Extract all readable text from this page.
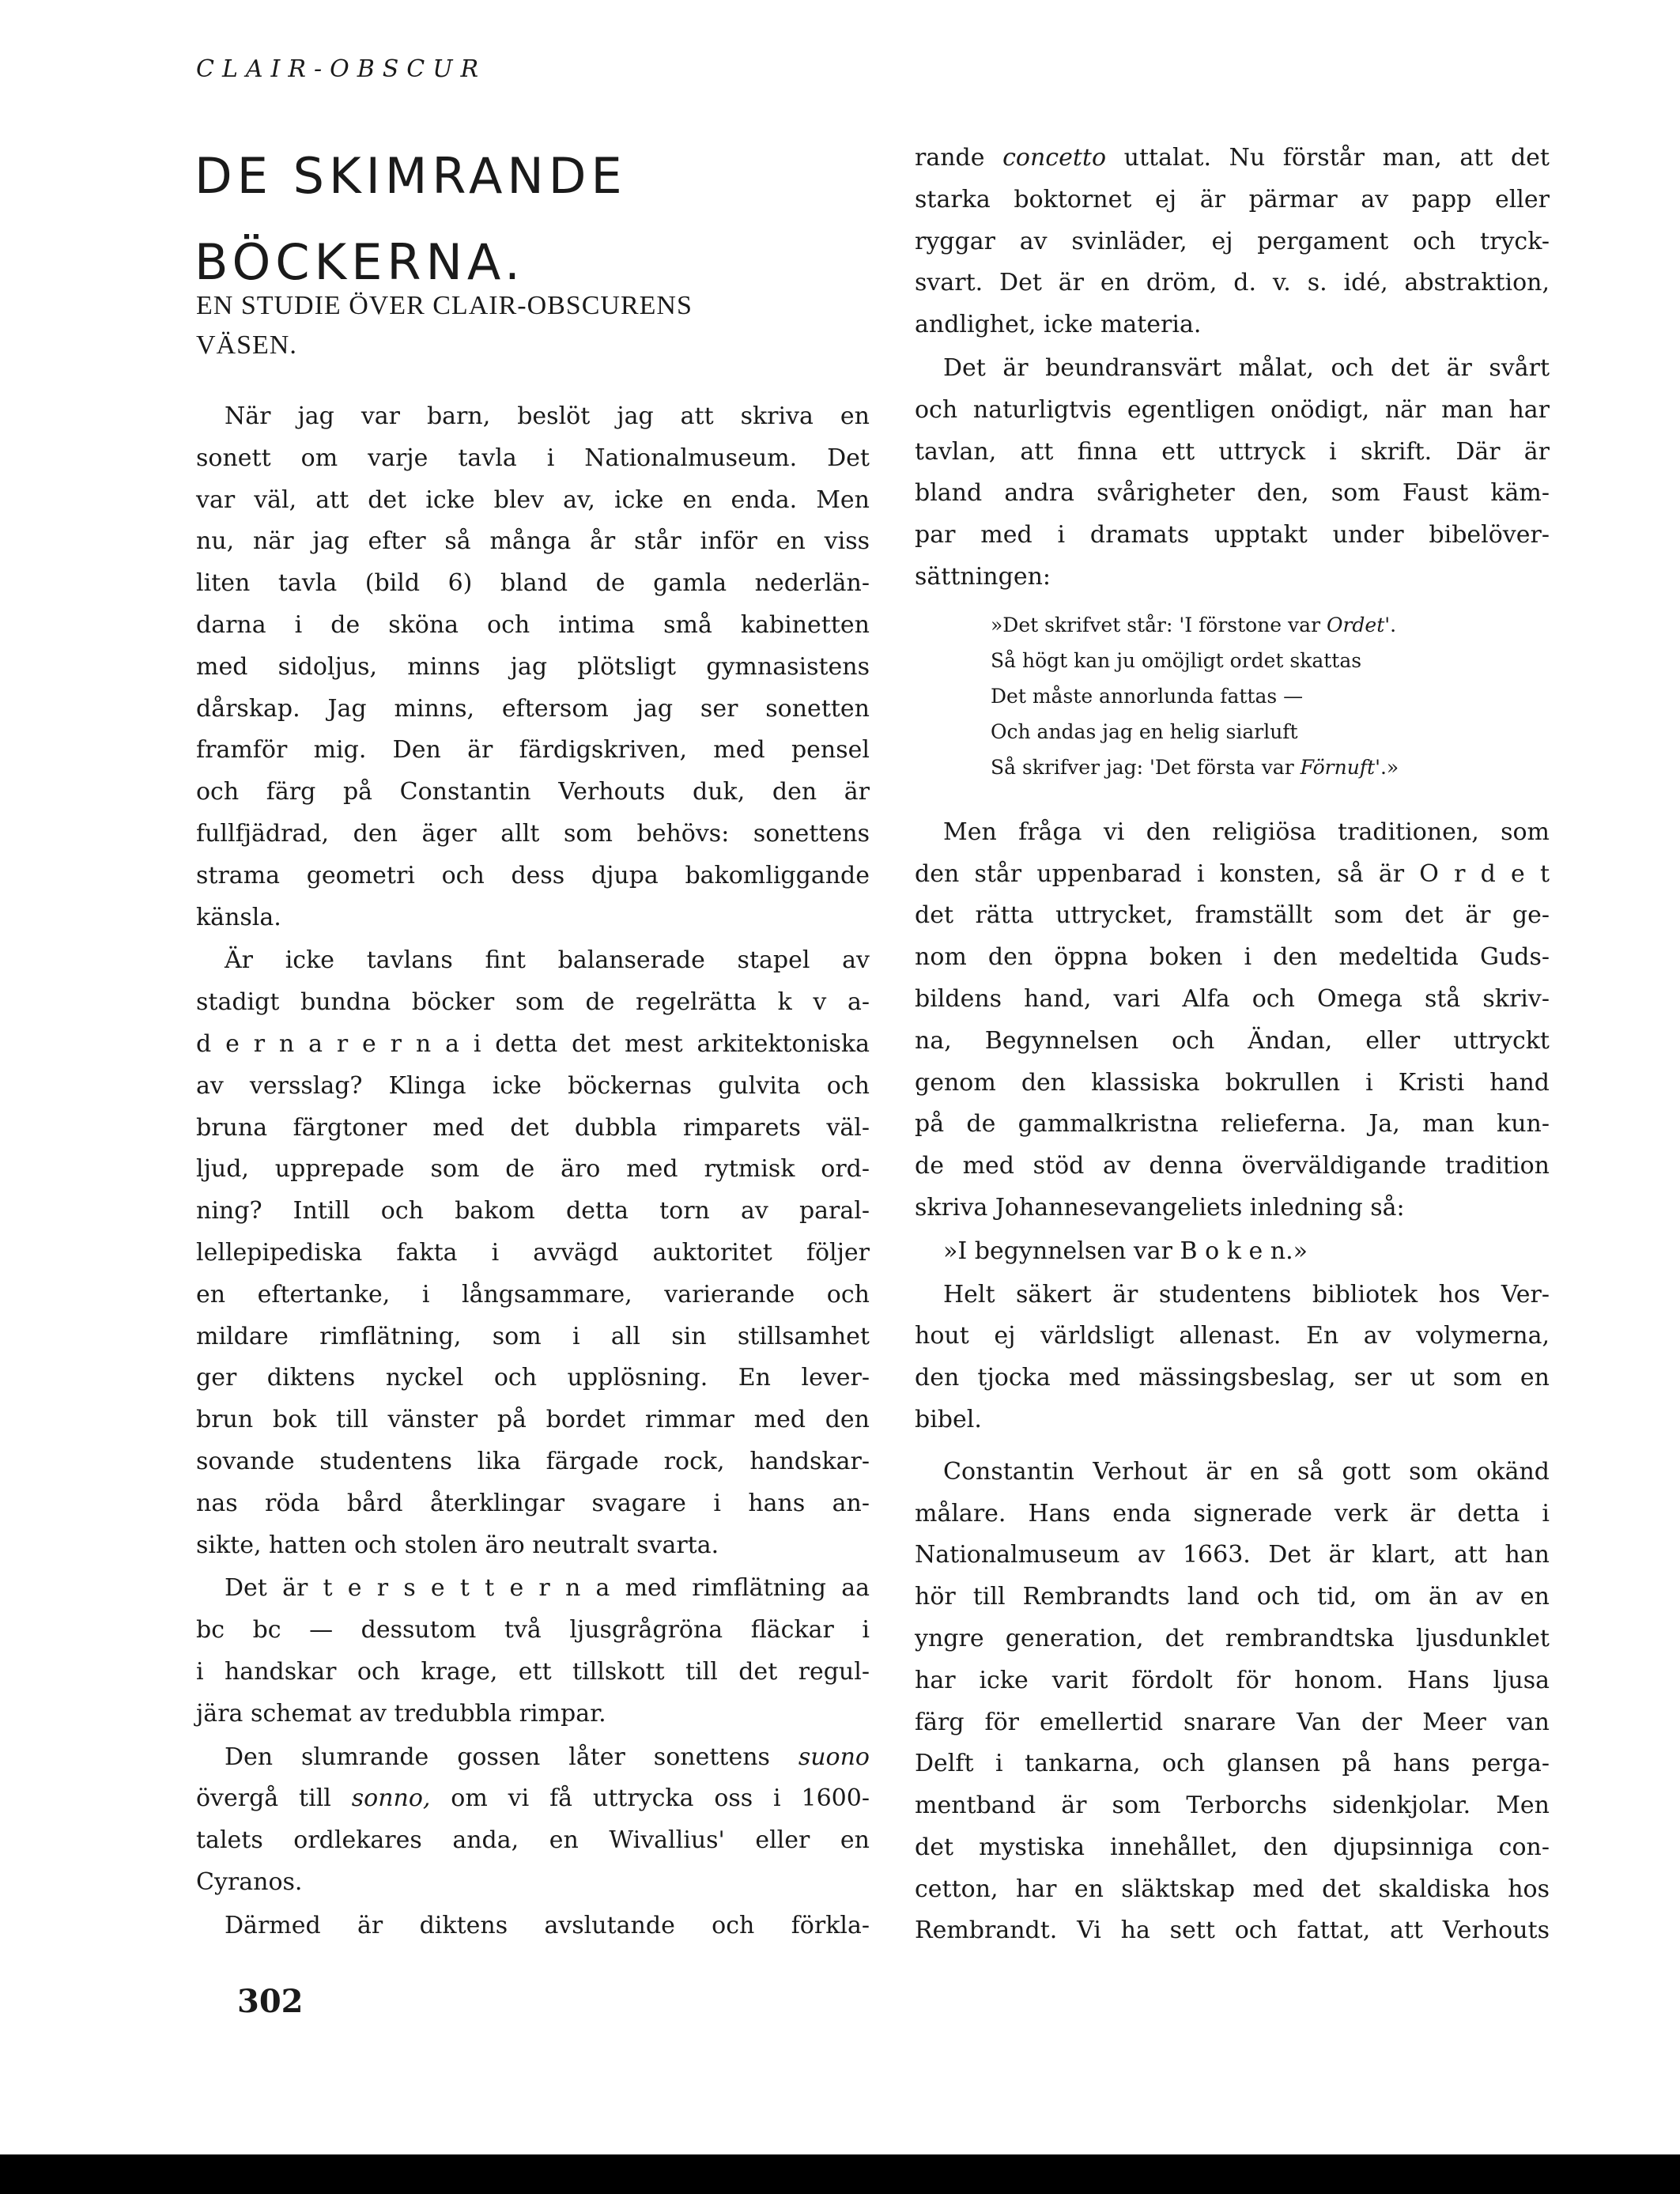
CLAIR-OBSCUR
DE SKIMRANDE
BÖCKERNA.
EN STUDIE ÖVER CLAIR-OBSCURENS
VÄSEN.
När jag var barn, beslöt jag att skriva en
sonett om varje tavla i Nationalmuseum. Det
var väl, att det icke blev av, icke en enda. Men
nu, när jag efter så många år står inför en viss
liten tavla (bild 6) bland de gamla nederlän-
darna i de sköna och intima små kabinetten
med sidoljus, minns jag plötsligt gymnasistens
dårskap. Jag minns, eftersom jag ser sonetten
framför mig. Den är färdigskriven, med pensel
och färg på Constantin Verhouts duk, den är
fullfjädrad, den äger allt som behövs: sonettens
strama geometri och dess djupa bakomliggande
känsla.
Är icke tavlans fint balanserade stapel av
stadigt bundna böcker som de regelrätta k v a-
d e r n a r e r n a i detta det mest arkitektoniska
av versslag? Klinga icke böckernas gulvita och
bruna färgtoner med det dubbla rimparets väl-
ljud, upprepade som de äro med rytmisk ord-
ning? Intill och bakom detta torn av paral-
lellepipediska fakta i avvägd auktoritet följer
en eftertanke, i långsammare, varierande och
mildare rimflätning, som i all sin stillsamhet
ger diktens nyckel och upplösning. En lever-
brun bok till vänster på bordet rimmar med den
sovande studentens lika färgade rock, handskar-
nas röda bård återklingar svagare i hans an-
sikte, hatten och stolen äro neutralt svarta.
Det är t e r s e t t e r n a med rimflätning aa
bc bc — dessutom två ljusgrågröna fläckar i
i handskar och krage, ett tillskott till det regul-
jära schemat av tredubbla rimpar.
Den slumrande gossen låter sonettens suono
övergå till sonno, om vi få uttrycka oss i 1600-
talets ordlekares anda, en Wivallius' eller en
Cyranos.
Därmed är diktens avslutande och förkla-
rande concetto uttalat. Nu förstår man, att det
starka boktornet ej är pärmar av papp eller
ryggar av svinläder, ej pergament och tryck-
svart. Det är en dröm, d. v. s. idé, abstraktion,
andlighet, icke materia.
Det är beundransvärt målat, och det är svårt
och naturligtvis egentligen onödigt, när man har
tavlan, att finna ett uttryck i skrift. Där är
bland andra svårigheter den, som Faust käm-
par med i dramats upptakt under bibelöver-
sättningen:
»Det skrifvet står: 'I förstone var Ordet'.
Så högt kan ju omöjligt ordet skattas
Det måste annorlunda fattas —
Och andas jag en helig siarluft
Så skrifver jag: 'Det första var Förnuft'.»
Men fråga vi den religiösa traditionen, som
den står uppenbarad i konsten, så är O r d e t
det rätta uttrycket, framställt som det är ge-
nom den öppna boken i den medeltida Guds-
bildens hand, vari Alfa och Omega stå skriv-
na, Begynnelsen och Ändan, eller uttryckt
genom den klassiska bokrullen i Kristi hand
på de gammalkristna relieferna. Ja, man kun-
de med stöd av denna överväldigande tradition
skriva Johannesevangeliets inledning så:
»I begynnelsen var B o k e n.»
Helt säkert är studentens bibliotek hos Ver-
hout ej världsligt allenast. En av volymerna,
den tjocka med mässingsbeslag, ser ut som en
bibel.
Constantin Verhout är en så gott som okänd
målare. Hans enda signerade verk är detta i
Nationalmuseum av 1663. Det är klart, att han
hör till Rembrandts land och tid, om än av en
yngre generation, det rembrandtska ljusdunklet
har icke varit fördolt för honom. Hans ljusa
färg för emellertid snarare Van der Meer van
Delft i tankarna, och glansen på hans perga-
mentband är som Terborchs sidenkjolar. Men
det mystiska innehållet, den djupsinniga con-
cetton, har en släktskap med det skaldiska hos
Rembrandt. Vi ha sett och fattat, att Verhouts
302
